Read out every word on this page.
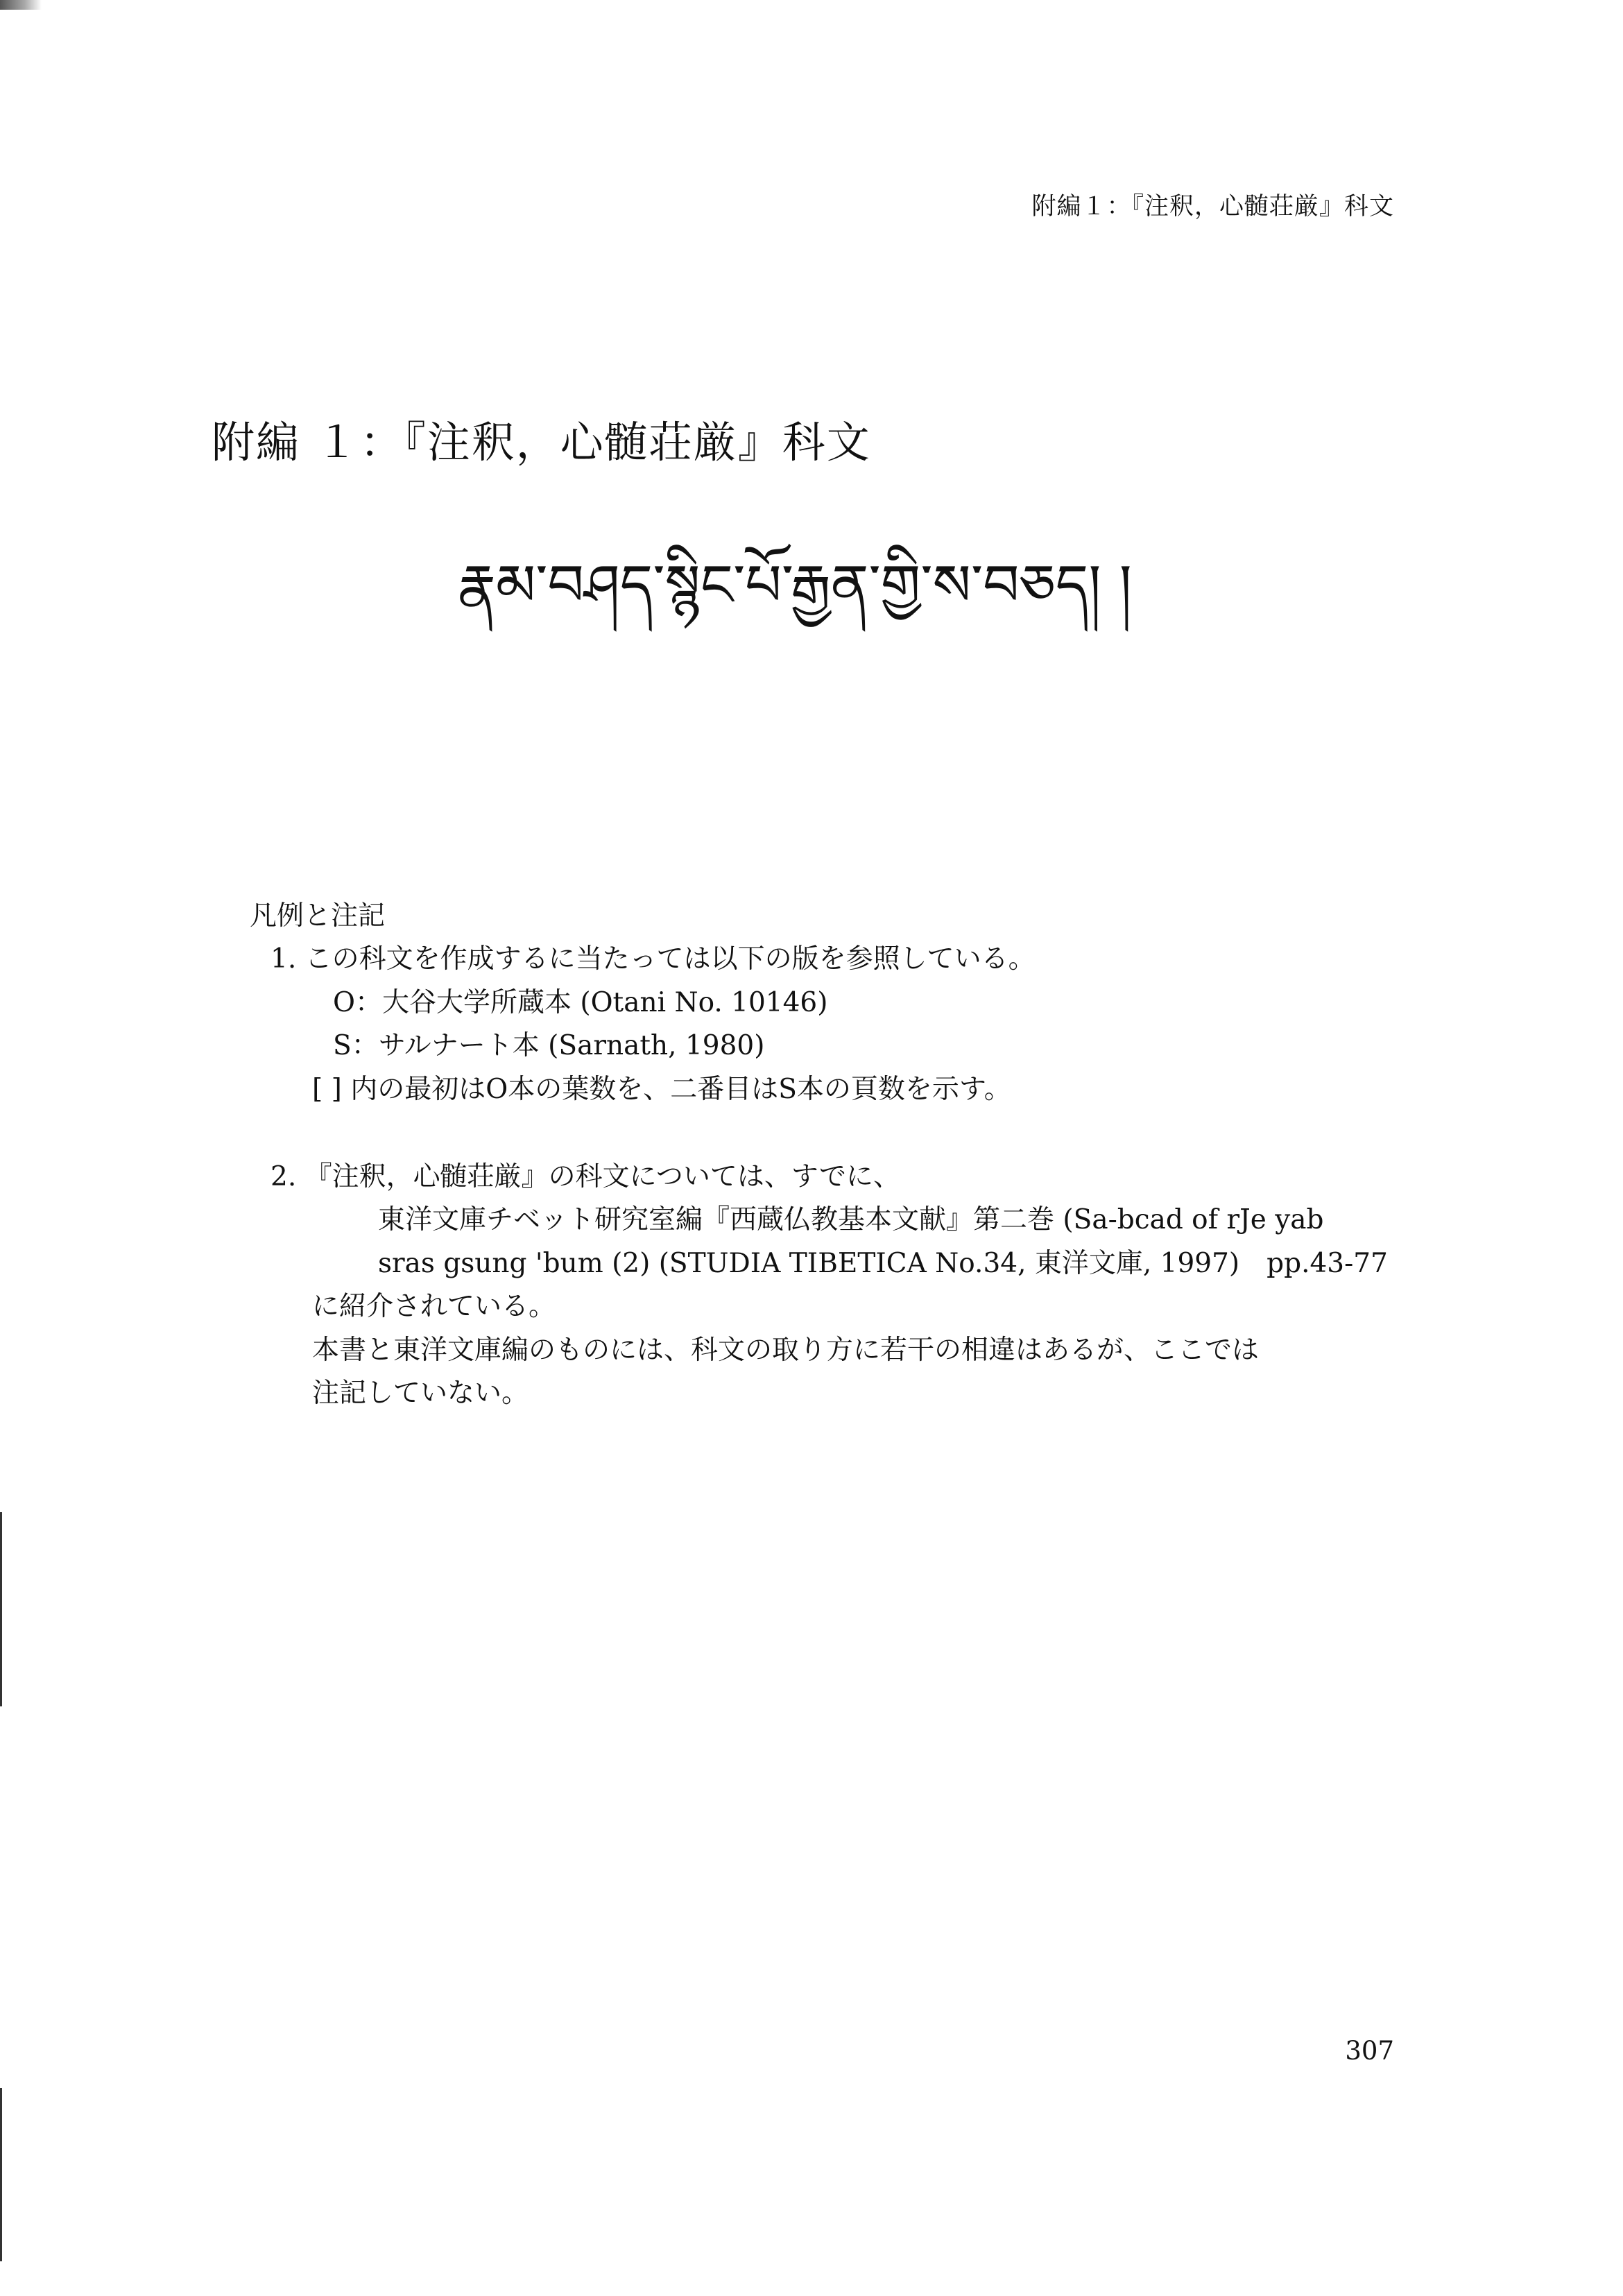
附編１：『注釈，心髄荘厳』科文
附編 １：『注釈，心髄荘厳』科文
རྣམ་བཤད་སྙིང་པོ་རྒྱན་གྱི་ས་བཅད། །

凡例と注記

1. この科文を作成するに当たっては以下の版を参照している。

O：大谷大学所蔵本 (Otani No. 10146)

S：サルナート本 (Sarnath, 1980)

[ ] 内の最初はO本の葉数を、二番目はS本の頁数を示す。

2. 『注釈，心髄荘厳』の科文については、すでに、

東洋文庫チベット研究室編『西蔵仏教基本文献』第二巻 (Sa-bcad of rJe yab

sras gsung 'bum (2) (STUDIA TIBETICA No.34, 東洋文庫, 1997)　pp.43-77

に紹介されている。

本書と東洋文庫編のものには、科文の取り方に若干の相違はあるが、ここでは

注記していない。

307
